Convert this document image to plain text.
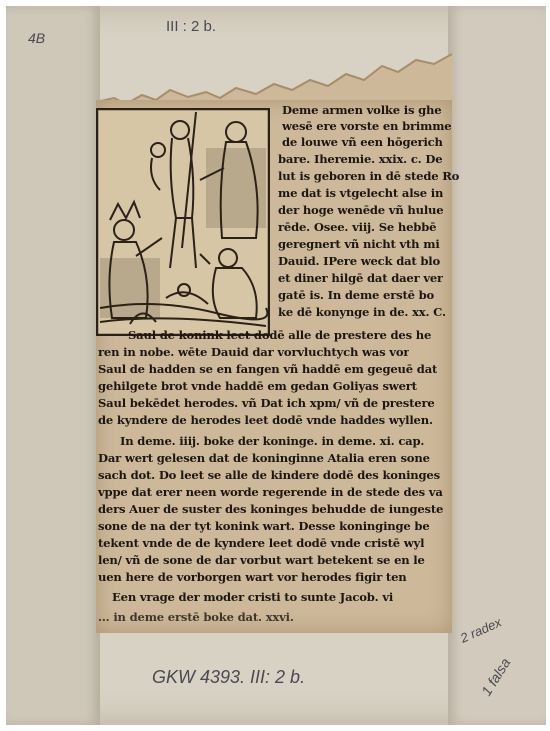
Deme armen volke is ghe
wesē ere vorste en brimme
de louwe vñ een hōgerich
bare. Iheremie. xxix. c. De
lut is geboren in dē stede Ro
me dat is vtgelecht alse in
der hoge wenēde vñ hulue
rēde. Osee. viij. Se hebbē
geregnert vñ nicht vth mi
Dauid. IPere weck dat blo
et diner hilgē dat daer ver
gatē is. In deme erstē bo
ke dē konynge in de. xx. C.
Saul de konink leet dodē alle de prestere des he
ren in nobe. wēte Dauid dar vorvluchtych was vor
Saul de hadden se en fangen vñ haddē em gegeuē dat
gehilgete brot vnde haddē em gedan Goliyas swert
Saul bekēdet herodes. vñ Dat ich xpm/ vñ de prestere
de kyndere de herodes leet dodē vnde haddes wyllen.
In deme. iiij. boke der koninge. in deme. xi. cap.
Dar wert gelesen dat de koninginne Atalia eren sone
sach dot. Do leet se alle de kindere dodē des koninges
vppe dat erer neen worde regerende in de stede des va
ders Auer de suster des koninges behudde de iungeste
sone de na der tyt konink wart. Desse koninginge be
tekent vnde de de kyndere leet dodē vnde cristē wyl
len/ vñ de sone de dar vorbut wart betekent se en le
uen here de vorborgen wart vor herodes figir ten
Een vrage der moder cristi to sunte Jacob. vi
... in deme erstē boke dat. xxvi.
4B
III : 2 b.
GKW 4393. III: 2 b.
2 radex
1 falsa
